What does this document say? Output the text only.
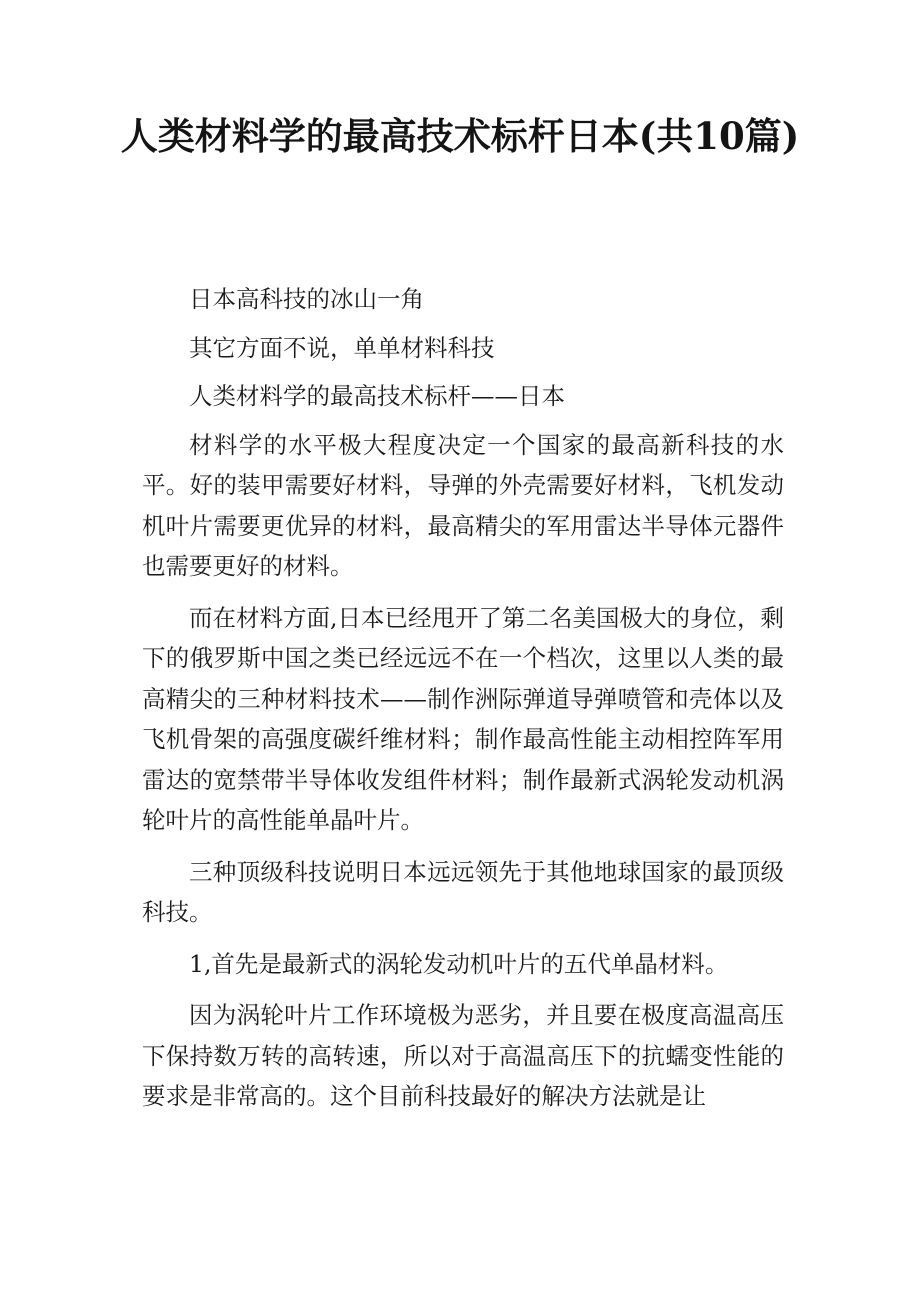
人类材料学的最高技术标杆日本(共10篇)

日本高科技的冰山一角

其它方面不说，单单材料科技

人类材料学的最高技术标杆——日本

材料学的水平极大程度决定一个国家的最高新科技的水平。好的装甲需要好材料，导弹的外壳需要好材料，飞机发动机叶片需要更优异的材料，最高精尖的军用雷达半导体元器件也需要更好的材料。

而在材料方面,日本已经甩开了第二名美国极大的身位，剩下的俄罗斯中国之类已经远远不在一个档次，这里以人类的最高精尖的三种材料技术——制作洲际弹道导弹喷管和壳体以及飞机骨架的高强度碳纤维材料；制作最高性能主动相控阵军用雷达的宽禁带半导体收发组件材料；制作最新式涡轮发动机涡轮叶片的高性能单晶叶片。

三种顶级科技说明日本远远领先于其他地球国家的最顶级科技。

1,首先是最新式的涡轮发动机叶片的五代单晶材料。

因为涡轮叶片工作环境极为恶劣，并且要在极度高温高压下保持数万转的高转速，所以对于高温高压下的抗蠕变性能的要求是非常高的。这个目前科技最好的解决方法就是让
